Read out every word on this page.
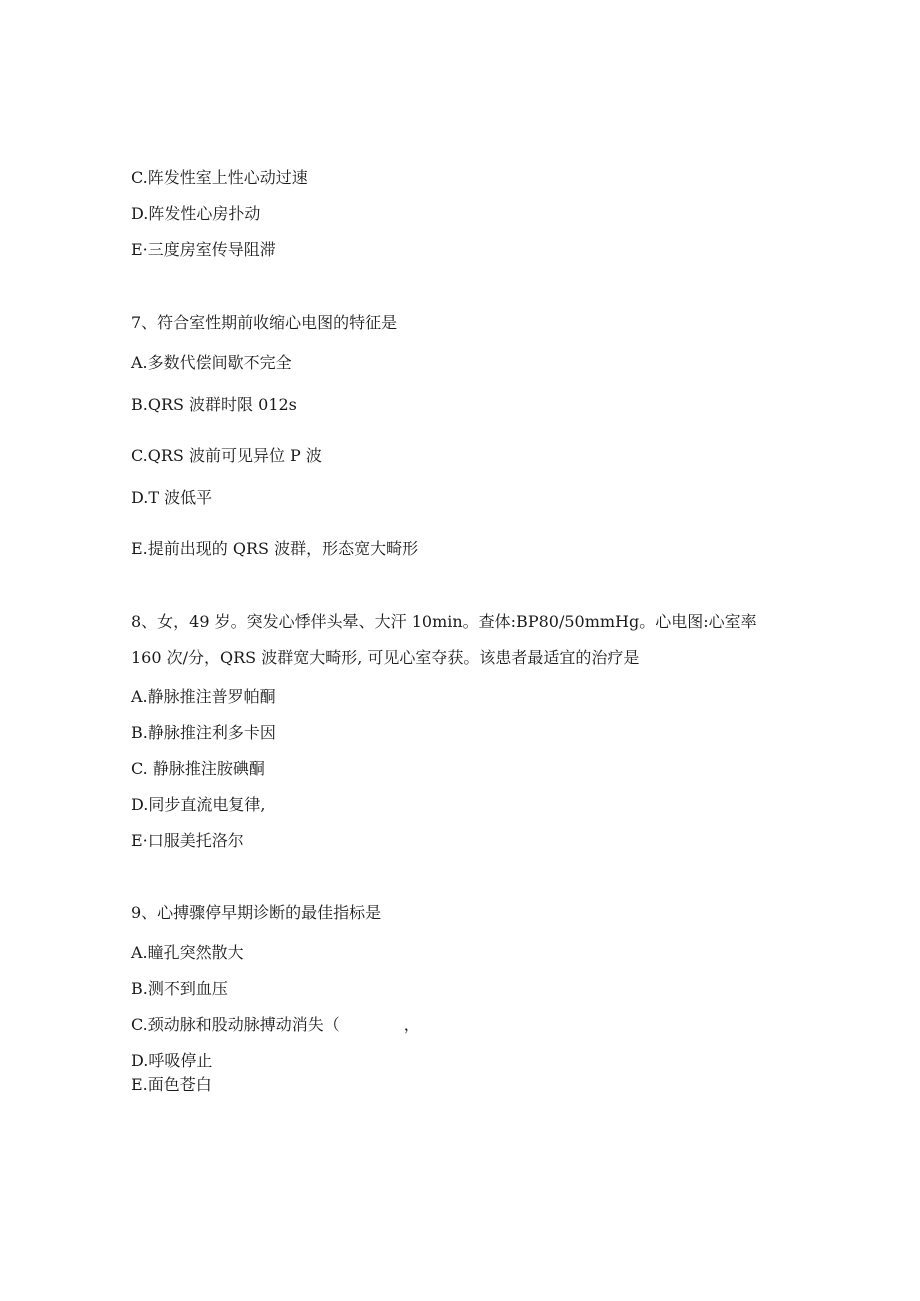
C.阵发性室上性心动过速
D.阵发性心房扑动
E·三度房室传导阻滞
7、符合室性期前收缩心电图的特征是
A.多数代偿间歇不完全
B.QRS 波群时限 012s
C.QRS 波前可见异位 P 波
D.T 波低平
E.提前出现的 QRS 波群，形态宽大畸形
8、女，49 岁。突发心悸伴头晕、大汗 10min。查体:BP80/50mmHg。心电图:心室率
160 次/分，QRS 波群宽大畸形, 可见心室夺获。该患者最适宜的治疗是
A.静脉推注普罗帕酮
B.静脉推注利多卡因
C. 静脉推注胺碘酮
D.同步直流电复律,
E·口服美托洛尔
9、心搏骤停早期诊断的最佳指标是
A.瞳孔突然散大
B.测不到血压
C.颈动脉和股动脉搏动消失（　　　　，
D.呼吸停止
E.面色苍白
